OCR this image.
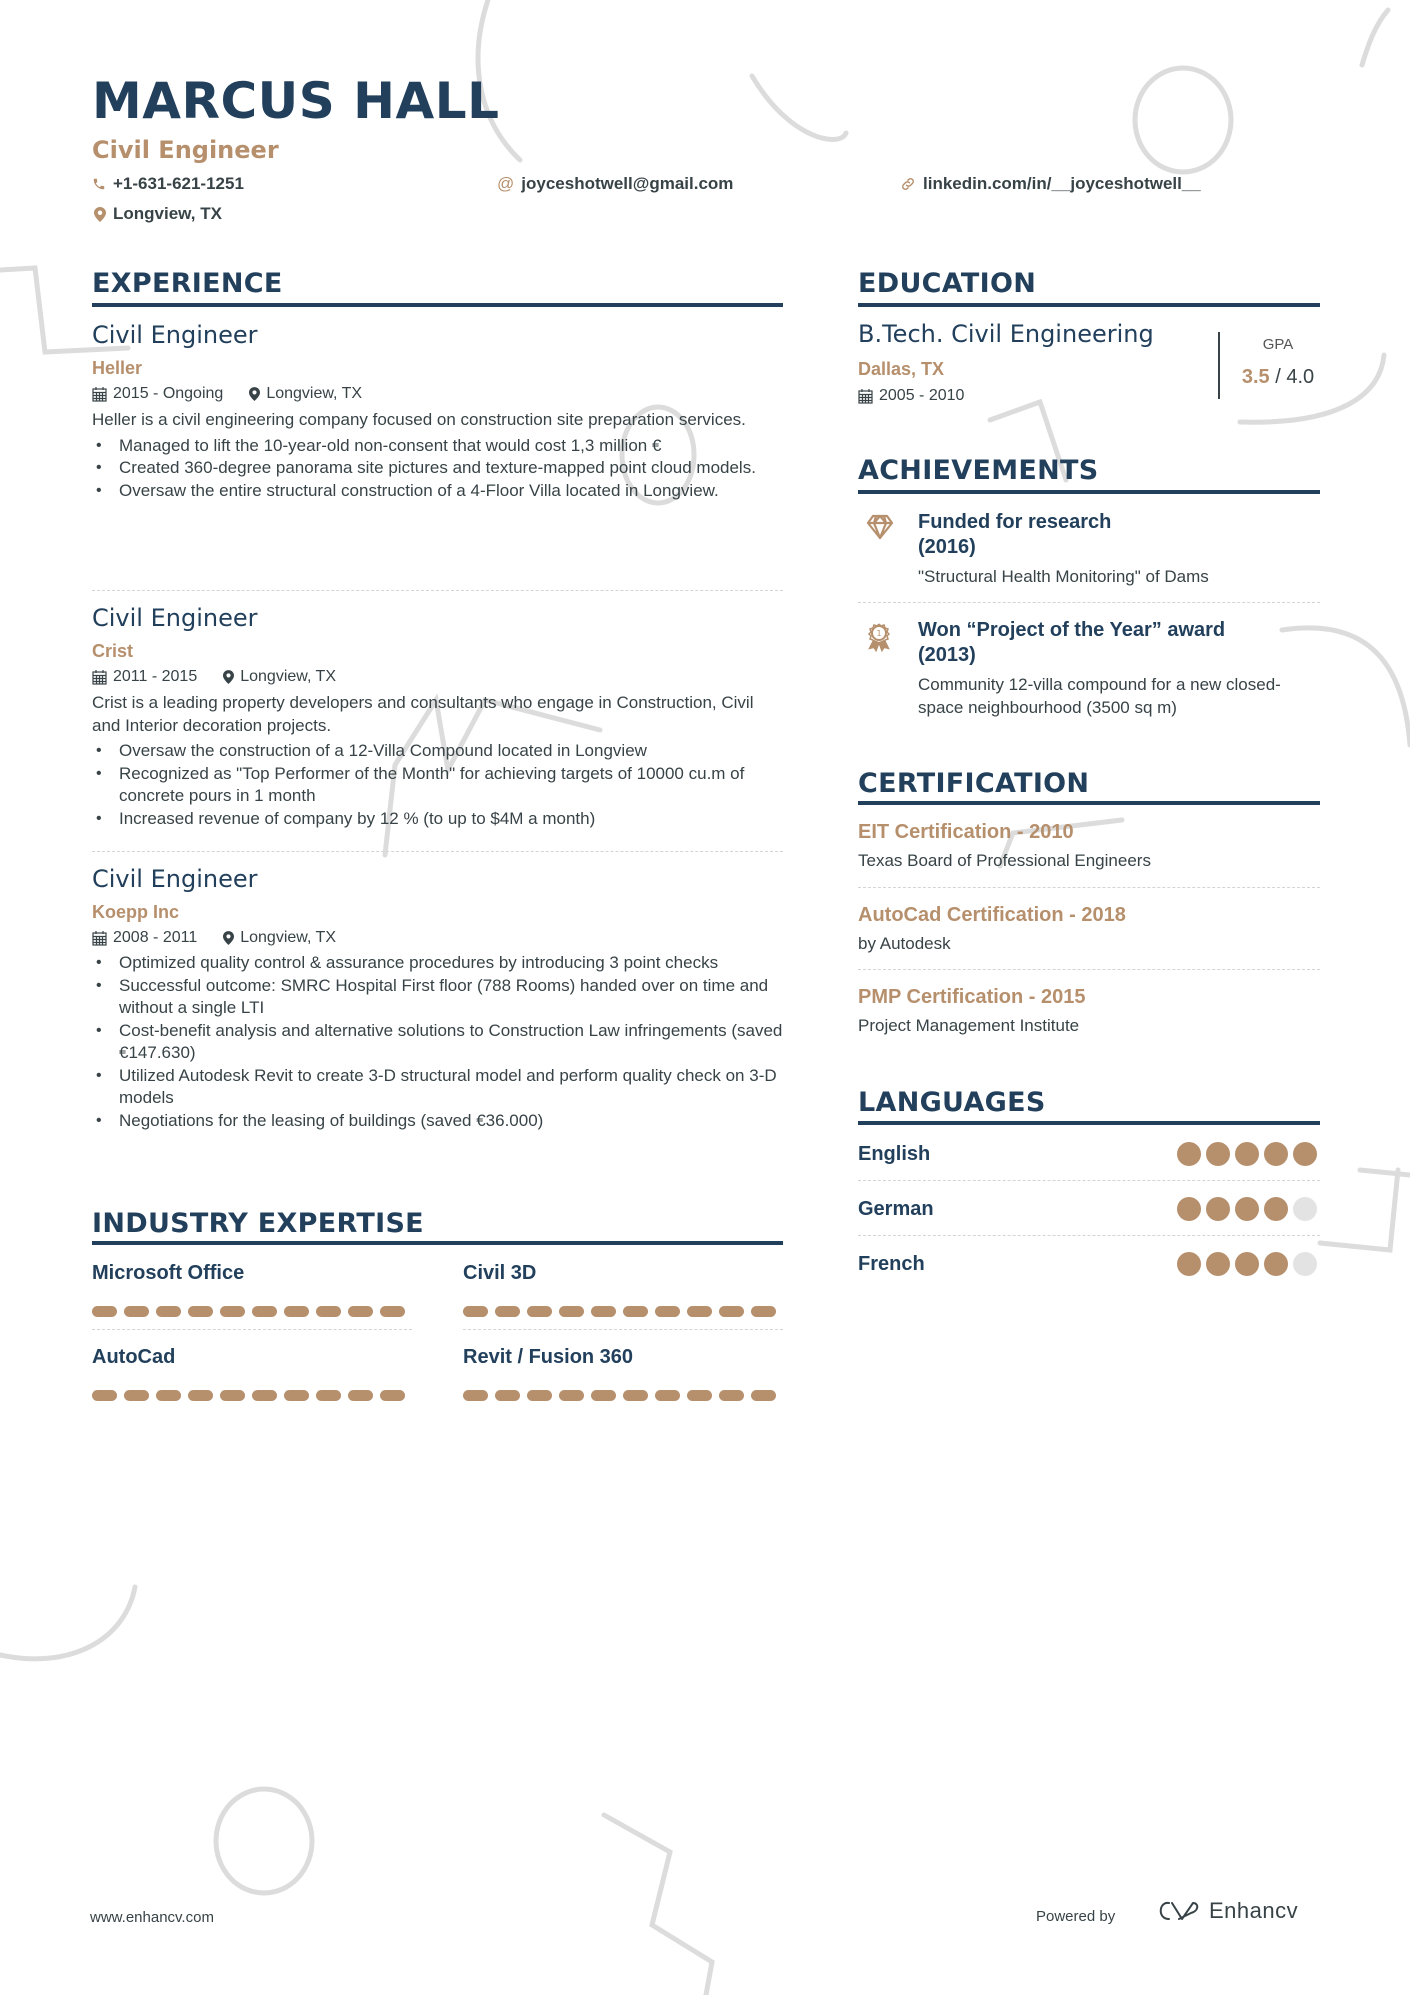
MARCUS HALL
Civil Engineer
+1-631-621-1251	@ joyceshotwell@gmail.com	linkedin.com/in/__joyceshotwell__
Longview, TX
EXPERIENCE
Civil Engineer
Heller
2015 - Ongoing	Longview, TX
Heller is a civil engineering company focused on construction site preparation services.
• Managed to lift the 10-year-old non-consent that would cost 1,3 million €
• Created 360-degree panorama site pictures and texture-mapped point cloud models.
• Oversaw the entire structural construction of a 4-Floor Villa located in Longview.
Civil Engineer
Crist
2011 - 2015	Longview, TX
Crist is a leading property developers and consultants who engage in Construction, Civil and Interior decoration projects.
• Oversaw the construction of a 12-Villa Compound located in Longview
• Recognized as "Top Performer of the Month" for achieving targets of 10000 cu.m of concrete pours in 1 month
• Increased revenue of company by 12 % (to up to $4M a month)
Civil Engineer
Koepp Inc
2008 - 2011	Longview, TX
• Optimized quality control & assurance procedures by introducing 3 point checks
• Successful outcome: SMRC Hospital First floor (788 Rooms) handed over on time and without a single LTI
• Cost-benefit analysis and alternative solutions to Construction Law infringements (saved €147.630)
• Utilized Autodesk Revit to create 3-D structural model and perform quality check on 3-D models
• Negotiations for the leasing of buildings (saved €36.000)
INDUSTRY EXPERTISE
Microsoft Office	Civil 3D
AutoCad	Revit / Fusion 360
EDUCATION
B.Tech. Civil Engineering
Dallas, TX
2005 - 2010
GPA
3.5 / 4.0
ACHIEVEMENTS
Funded for research
(2016)
"Structural Health Monitoring" of Dams
1 Won “Project of the Year” award
(2013)
Community 12-villa compound for a new closed-space neighbourhood (3500 sq m)
CERTIFICATION
EIT Certification - 2010
Texas Board of Professional Engineers
AutoCad Certification - 2018
by Autodesk
PMP Certification - 2015
Project Management Institute
LANGUAGES
English
German
French
www.enhancv.com	Powered by	Enhancv
